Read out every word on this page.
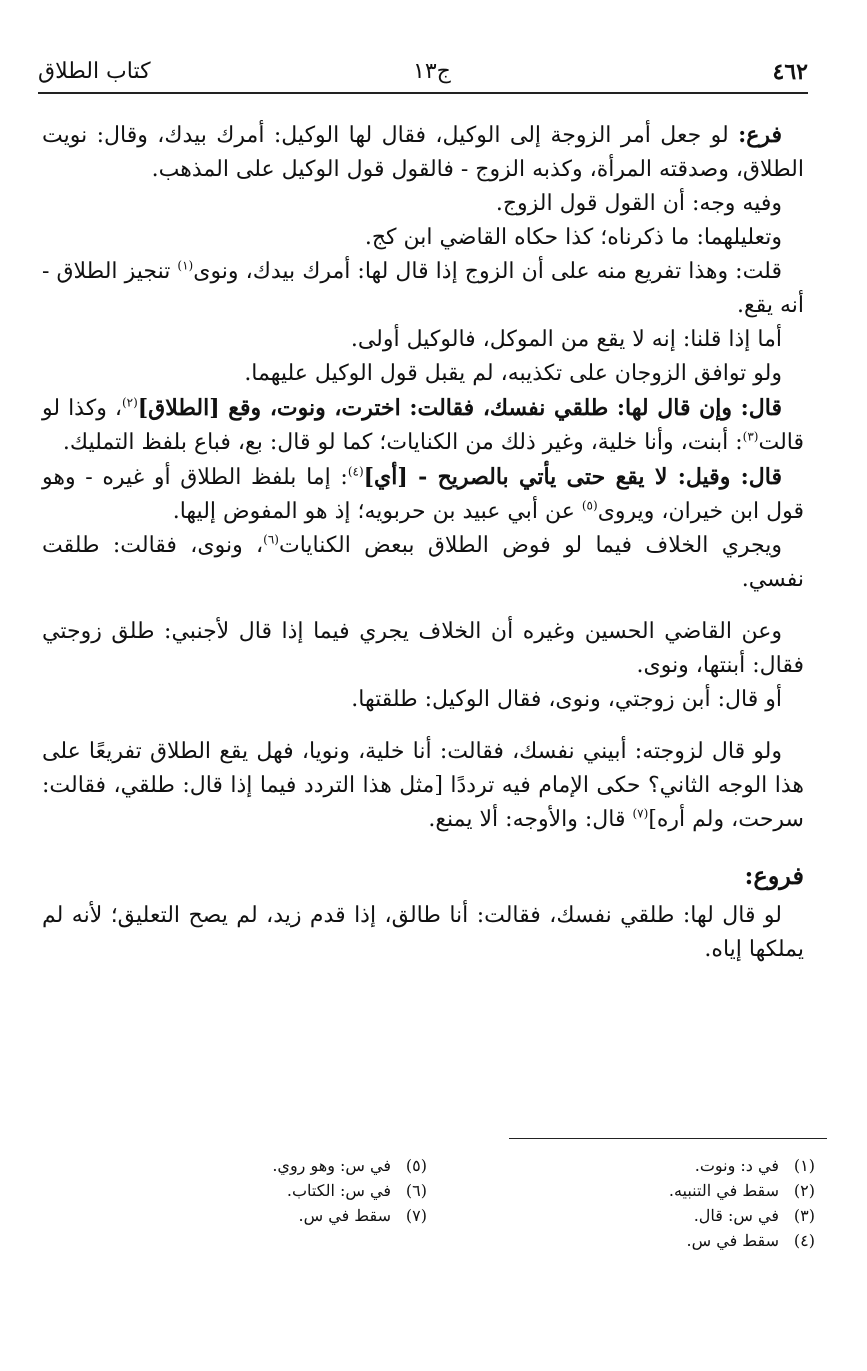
٤٦٢
ج١٣
كتاب الطلاق

فرع: لو جعل أمر الزوجة إلى الوكيل، فقال لها الوكيل: أمرك بيدك، وقال: نويت الطلاق، وصدقته المرأة، وكذبه الزوج - فالقول قول الوكيل على المذهب.

وفيه وجه: أن القول قول الزوج.

وتعليلهما: ما ذكرناه؛ كذا حكاه القاضي ابن كج.

قلت: وهذا تفريع منه على أن الزوج إذا قال لها: أمرك بيدك، ونوى$^{(١)}$ تنجيز الطلاق - أنه يقع.

أما إذا قلنا: إنه لا يقع من الموكل، فالوكيل أولى.

ولو توافق الزوجان على تكذيبه، لم يقبل قول الوكيل عليهما.

قال: وإن قال لها: طلقي نفسك، فقالت: اخترت، ونوت، وقع [الطلاق]$^{(٢)}$، وكذا لو قالت$^{(٣)}$: أبنت، وأنا خلية، وغير ذلك من الكنايات؛ كما لو قال: بع، فباع بلفظ التمليك.

قال: وقيل: لا يقع حتى يأتي بالصريح - [أي]$^{(٤)}$: إما بلفظ الطلاق أو غيره - وهو قول ابن خيران، ويروى$^{(٥)}$ عن أبي عبيد بن حربويه؛ إذ هو المفوض إليها.

ويجري الخلاف فيما لو فوض الطلاق ببعض الكنايات$^{(٦)}$، ونوى، فقالت: طلقت نفسي.

وعن القاضي الحسين وغيره أن الخلاف يجري فيما إذا قال لأجنبي: طلق زوجتي فقال: أبنتها، ونوى.

أو قال: أبن زوجتي، ونوى، فقال الوكيل: طلقتها.

ولو قال لزوجته: أبيني نفسك، فقالت: أنا خلية، ونويا، فهل يقع الطلاق تفريعًا على هذا الوجه الثاني؟ حكى الإمام فيه ترددًا [مثل هذا التردد فيما إذا قال: طلقي، فقالت: سرحت، ولم أره]$^{(٧)}$ قال: والأوجه: ألا يمنع.

فروع:

لو قال لها: طلقي نفسك، فقالت: أنا طالق، إذا قدم زيد، لم يصح التعليق؛ لأنه لم يملكها إياه.

(١)في د: ونوت.
(٢)سقط في التنبيه.
(٣)في س: قال.
(٤)سقط في س.
(٥)في س: وهو روي.
(٦)في س: الكتاب.
(٧)سقط في س.
